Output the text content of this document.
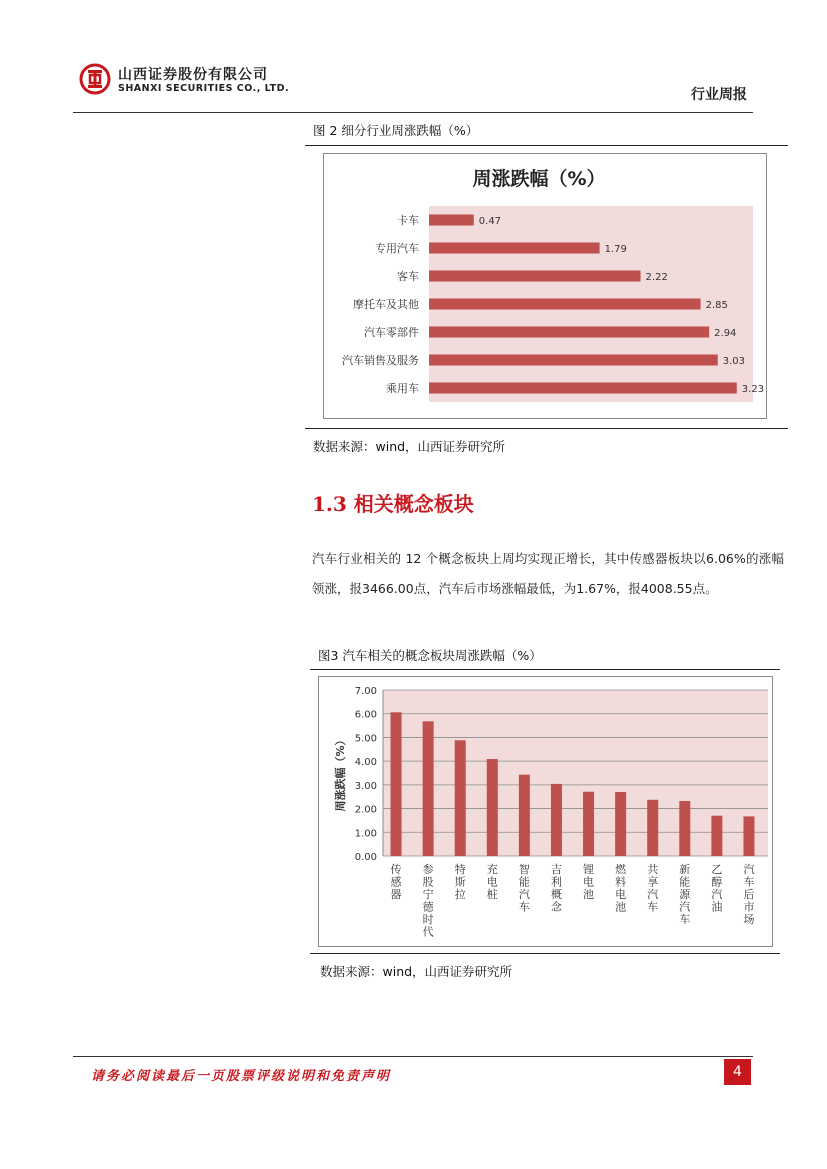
山西证券股份有限公司
SHANXI SECURITIES CO., LTD.	行业周报
图 2 细分行业周涨跌幅（%）
周涨跌幅（%）
卡车	0.47
专用汽车	1.79
客车	2.22
摩托车及其他	2.85
汽车零部件	2.94
汽车销售及服务	3.03
乘用车	3.23
数据来源：wind，山西证券研究所
1.3 相关概念板块
汽车行业相关的 12 个概念板块上周均实现正增长，其中传感器板块以6.06%的涨幅领涨，报3466.00点，汽车后市场涨幅最低，为1.67%，报4008.55点。
图3 汽车相关的概念板块周涨跌幅（%）
0.00
1.00
2.00
3.00
4.00
5.00
6.00
7.00
传感器
参股宁德时代
特斯拉
充电桩
智能汽车
吉利概念
锂电池
燃料电池
共享汽车
新能源汽车
乙醇汽油
汽车后市场
周涨跌幅（%）
数据来源：wind，山西证券研究所
请务必阅读最后一页股票评级说明和免责声明	4
